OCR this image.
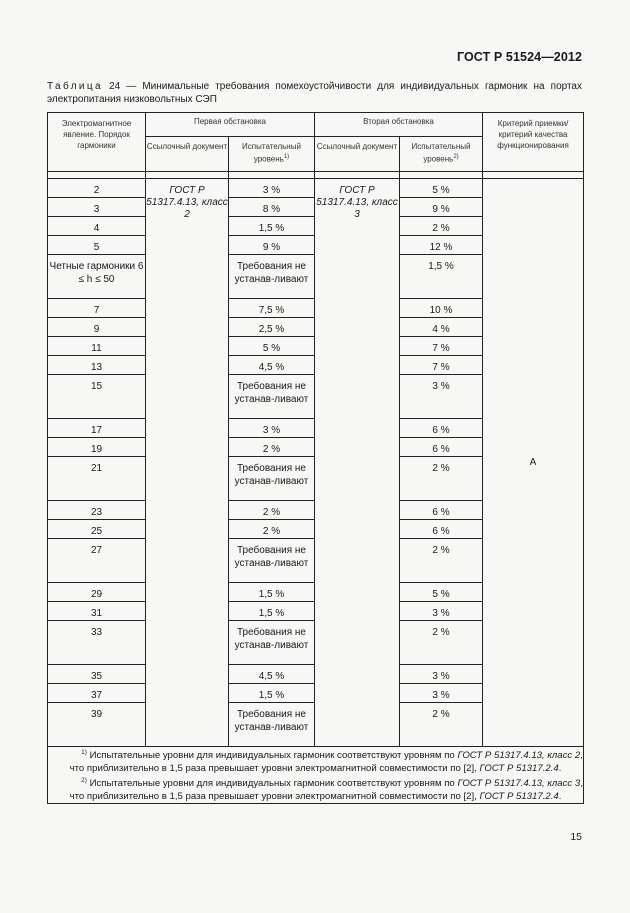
ГОСТ Р 51524—2012
Таблица 24 — Минимальные требования помехоустойчивости для индивидуальных гармоник на портах электропитания низковольтных СЭП
Электромагнитное явление. Порядок гармоники	Первая обстановка		Вторая обстановка		Критерий приемки/критерий качества функционирования
	Ссылочный документ	Испытательный уровень$^{1)}$	Ссылочный документ	Испытательный уровень$^{2)}$

2	ГОСТ Р 51317.4.13, класс 2	3 %	ГОСТ Р 51317.4.13, класс 3	5 %	А
3		8 %		9 %	
4		1,5 %		2 %	
5		9 %		12 %	
Четные гармоники 6 ≤ h ≤ 50		Требования не устанав-ливают		1,5 %	
7		7,5 %		10 %	
9		2,5 %		4 %	
11		5 %		7 %	
13		4,5 %		7 %	
15		Требования не устанав-ливают		3 %	
17		3 %		6 %	
19		2 %		6 %	
21		Требования не устанав-ливают		2 %	
23		2 %		6 %	
25		2 %		6 %	
27		Требования не устанав-ливают		2 %	
29		1,5 %		5 %	
31		1,5 %		3 %	
33		Требования не устанав-ливают		2 %	
35		4,5 %		3 %	
37		1,5 %		3 %	
39		Требования не устанав-ливают		2 %	

$^{1)}$ Испытательные уровни для индивидуальных гармоник соответствуют уровням по ГОСТ Р 51317.4.13, класс 2, что приблизительно в 1,5 раза превышает уровни электромагнитной совместимости по [2], ГОСТ Р 51317.2.4.

$^{2)}$ Испытательные уровни для индивидуальных гармоник соответствуют уровням по ГОСТ Р 51317.4.13, класс 3, что приблизительно в 1,5 раза превышает уровни электромагнитной совместимости по [2], ГОСТ Р 51317.2.4.					

15
